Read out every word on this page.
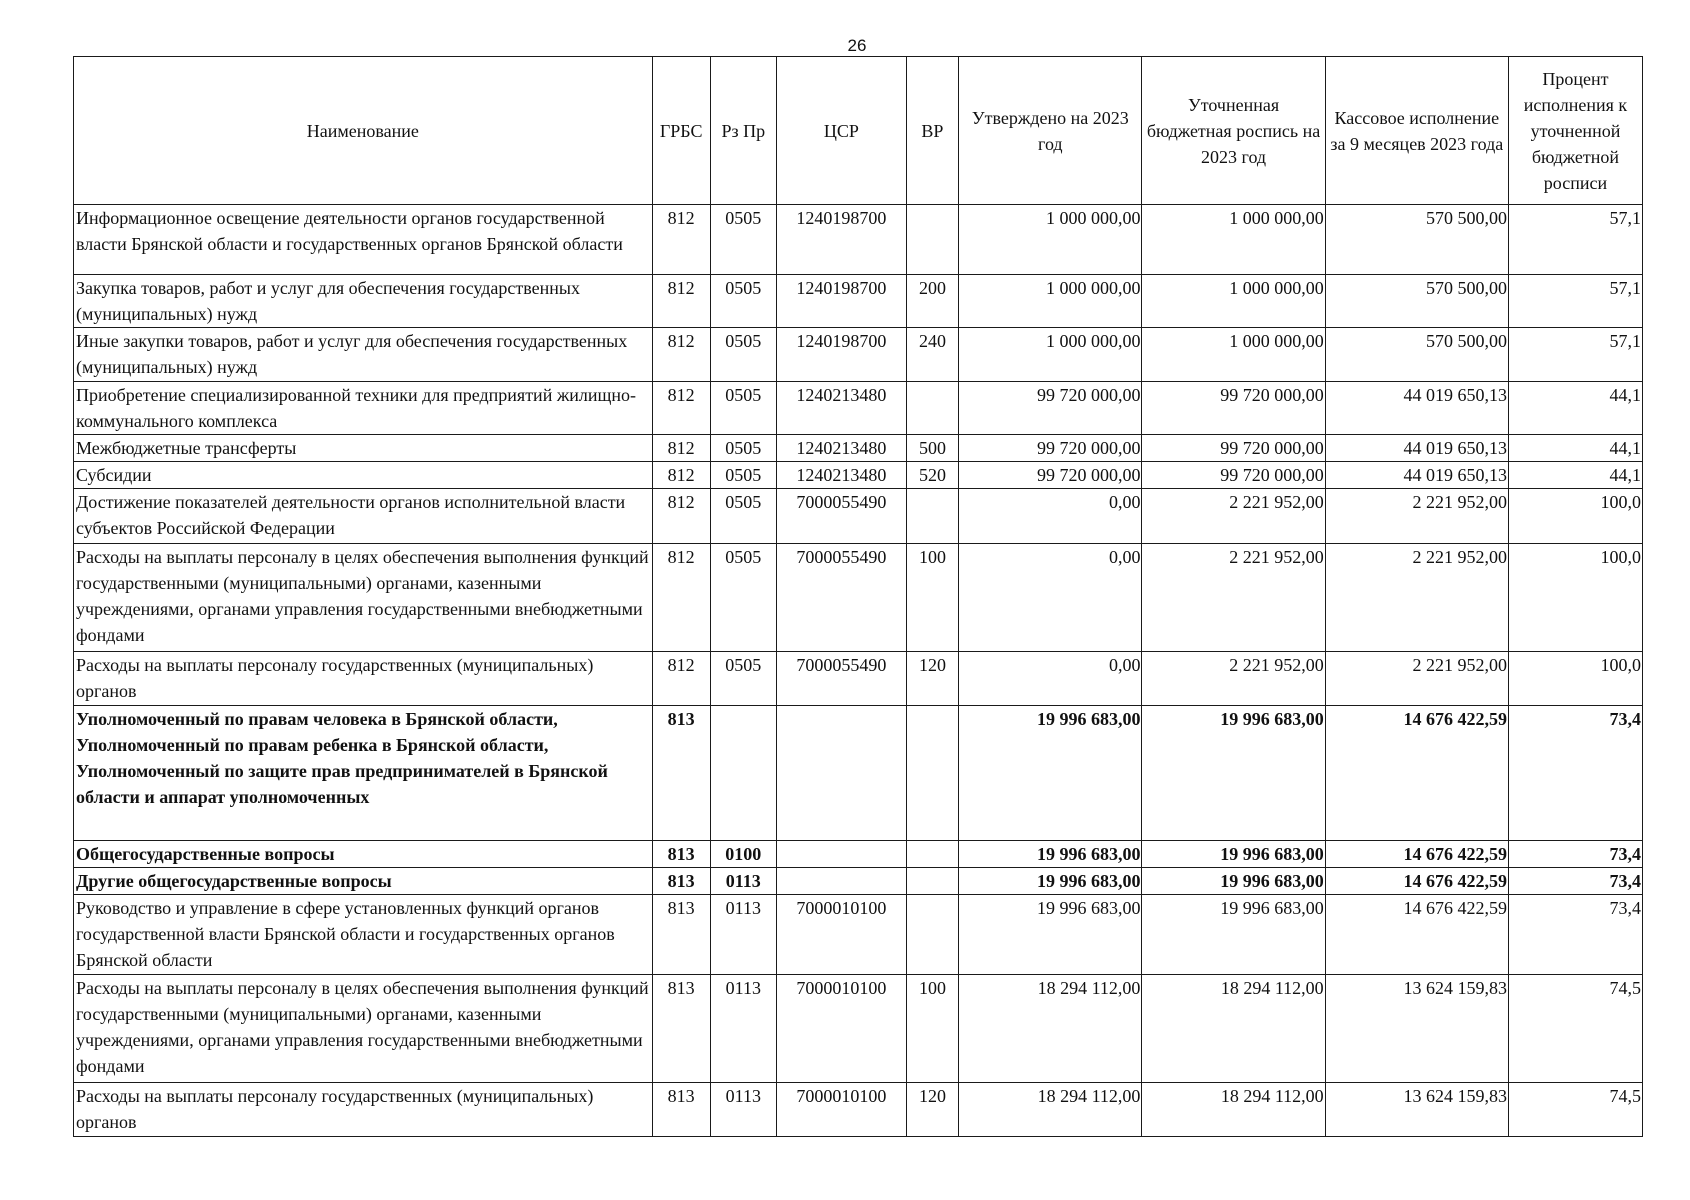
26
Наименование	ГРБС	Рз Пр	ЦСР	ВР	Утверждено на 2023 год	Уточненная бюджетная роспись на 2023 год	Кассовое исполнение за 9 месяцев 2023 года	Процент исполнения к уточненной бюджетной росписи
Информационное освещение деятельности органов государственной власти Брянской области и государственных органов Брянской области	812	0505	1240198700		1 000 000,00	1 000 000,00	570 500,00	57,1
Закупка товаров, работ и услуг для обеспечения государственных (муниципальных) нужд	812	0505	1240198700	200	1 000 000,00	1 000 000,00	570 500,00	57,1
Иные закупки товаров, работ и услуг для обеспечения государственных (муниципальных) нужд	812	0505	1240198700	240	1 000 000,00	1 000 000,00	570 500,00	57,1
Приобретение специализированной техники для предприятий жилищно-коммунального комплекса	812	0505	1240213480		99 720 000,00	99 720 000,00	44 019 650,13	44,1
Межбюджетные трансферты	812	0505	1240213480	500	99 720 000,00	99 720 000,00	44 019 650,13	44,1
Субсидии	812	0505	1240213480	520	99 720 000,00	99 720 000,00	44 019 650,13	44,1
Достижение показателей деятельности органов исполнительной власти субъектов Российской Федерации	812	0505	7000055490		0,00	2 221 952,00	2 221 952,00	100,0
Расходы на выплаты персоналу в целях обеспечения выполнения функций государственными (муниципальными) органами, казенными учреждениями, органами управления государственными внебюджетными фондами	812	0505	7000055490	100	0,00	2 221 952,00	2 221 952,00	100,0
Расходы на выплаты персоналу государственных (муниципальных) органов	812	0505	7000055490	120	0,00	2 221 952,00	2 221 952,00	100,0
Уполномоченный по правам человека в Брянской области, Уполномоченный по правам ребенка в Брянской области, Уполномоченный по защите прав предпринимателей в Брянской области и аппарат уполномоченных	813				19 996 683,00	19 996 683,00	14 676 422,59	73,4
Общегосударственные вопросы	813	0100			19 996 683,00	19 996 683,00	14 676 422,59	73,4
Другие общегосударственные вопросы	813	0113			19 996 683,00	19 996 683,00	14 676 422,59	73,4
Руководство и управление в сфере установленных функций органов государственной власти Брянской области и государственных органов Брянской области	813	0113	7000010100		19 996 683,00	19 996 683,00	14 676 422,59	73,4
Расходы на выплаты персоналу в целях обеспечения выполнения функций государственными (муниципальными) органами, казенными учреждениями, органами управления государственными внебюджетными фондами	813	0113	7000010100	100	18 294 112,00	18 294 112,00	13 624 159,83	74,5
Расходы на выплаты персоналу государственных (муниципальных) органов	813	0113	7000010100	120	18 294 112,00	18 294 112,00	13 624 159,83	74,5
